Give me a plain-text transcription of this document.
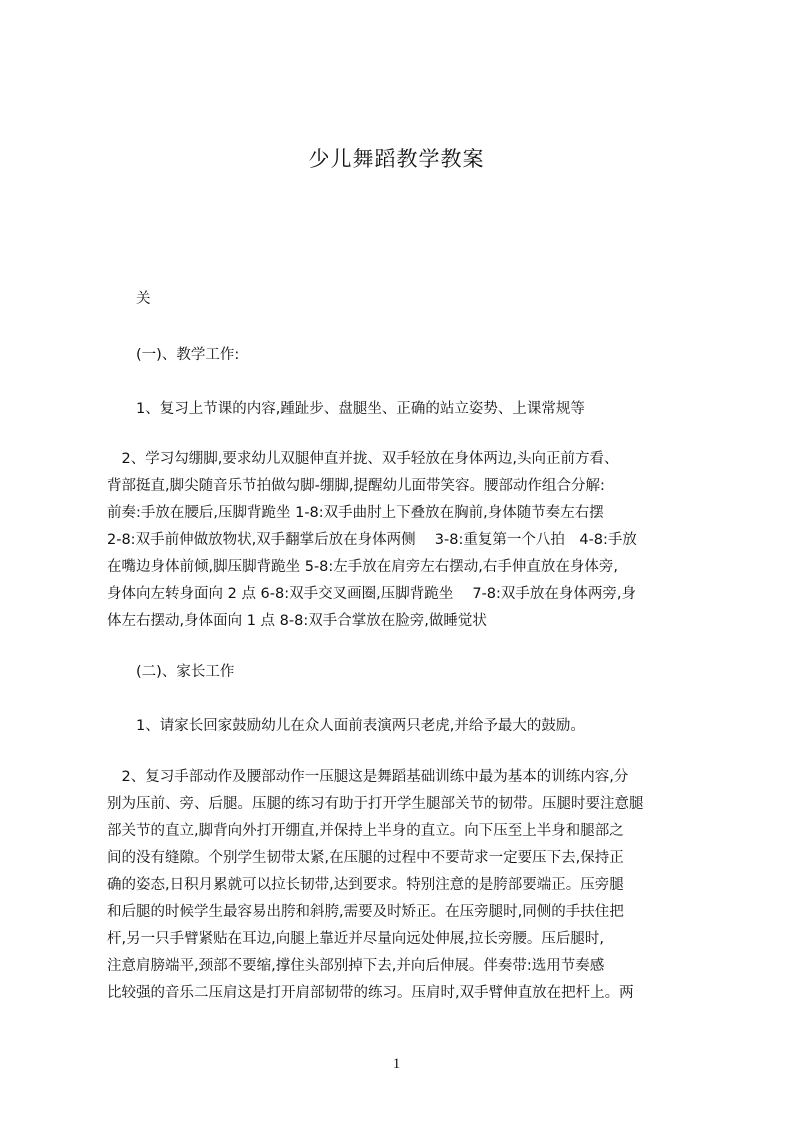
少儿舞蹈教学教案
关
(一)、教学工作:
1、复习上节课的内容,踵趾步、盘腿坐、正确的站立姿势、上课常规等

　2、学习勾绷脚,要求幼儿双腿伸直并拢、双手轻放在身体两边,头向正前方看、

背部挺直,脚尖随音乐节拍做勾脚-绷脚,提醒幼儿面带笑容。腰部动作组合分解:

前奏:手放在腰后,压脚背跪坐 1-8:双手曲肘上下叠放在胸前,身体随节奏左右摆

2-8:双手前伸做放物状,双手翻掌后放在身体两侧　 3-8:重复第一个八拍　4-8:手放

在嘴边身体前倾,脚压脚背跪坐 5-8:左手放在肩旁左右摆动,右手伸直放在身体旁,

身体向左转身面向 2 点 6-8:双手交叉画圈,压脚背跪坐　 7-8:双手放在身体两旁,身

体左右摆动,身体面向 1 点 8-8:双手合掌放在脸旁,做睡觉状

(二)、家长工作
1、请家长回家鼓励幼儿在众人面前表演两只老虎,并给予最大的鼓励。

　2、复习手部动作及腰部动作一压腿这是舞蹈基础训练中最为基本的训练内容,分

别为压前、旁、后腿。压腿的练习有助于打开学生腿部关节的韧带。压腿时要注意腿

部关节的直立,脚背向外打开绷直,并保持上半身的直立。向下压至上半身和腿部之

间的没有缝隙。个别学生韧带太紧,在压腿的过程中不要苛求一定要压下去,保持正

确的姿态,日积月累就可以拉长韧带,达到要求。特别注意的是胯部要端正。压旁腿

和后腿的时候学生最容易出胯和斜胯,需要及时矫正。在压旁腿时,同侧的手扶住把

杆,另一只手臂紧贴在耳边,向腿上靠近并尽量向远处伸展,拉长旁腰。压后腿时,

注意肩膀端平,颈部不要缩,撑住头部别掉下去,并向后伸展。伴奏带:选用节奏感

比较强的音乐二压肩这是打开肩部韧带的练习。压肩时,双手臂伸直放在把杆上。两

1
